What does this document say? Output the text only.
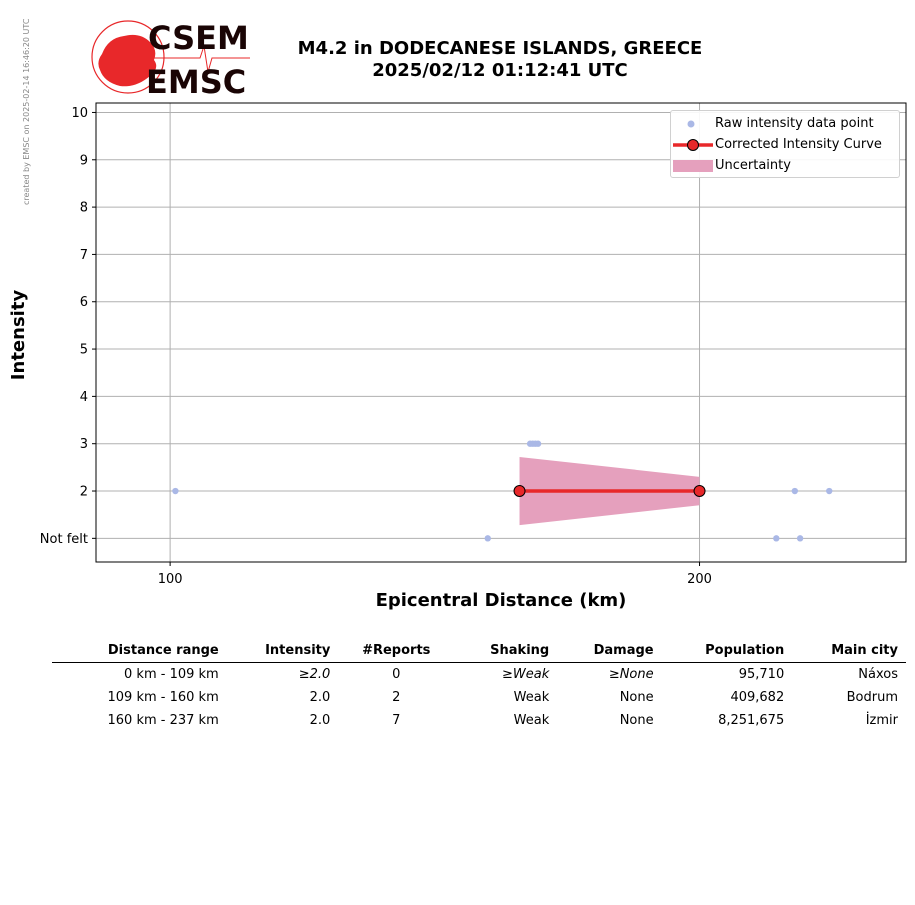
created by EMSC on 2025-02-14 16:46:20 UTC	CSEM
EMSC
M4.2 in DODECANESE ISLANDS, GREECE
2025/02/12 01:12:41 UTC
Not felt
2
3
4
5
6
7
8
9
10
100	200
Intensity
Epicentral Distance (km)
Raw intensity data point
Corrected Intensity Curve
Uncertainty
Distance range	Intensity	#Reports	Shaking	Damage	Population	Main city
0 km - 109 km	≥2.0	0	≥Weak	≥None	95,710	Náxos
109 km - 160 km	2.0	2	Weak	None	409,682	Bodrum
160 km - 237 km	2.0	7	Weak	None	8,251,675	İzmir
